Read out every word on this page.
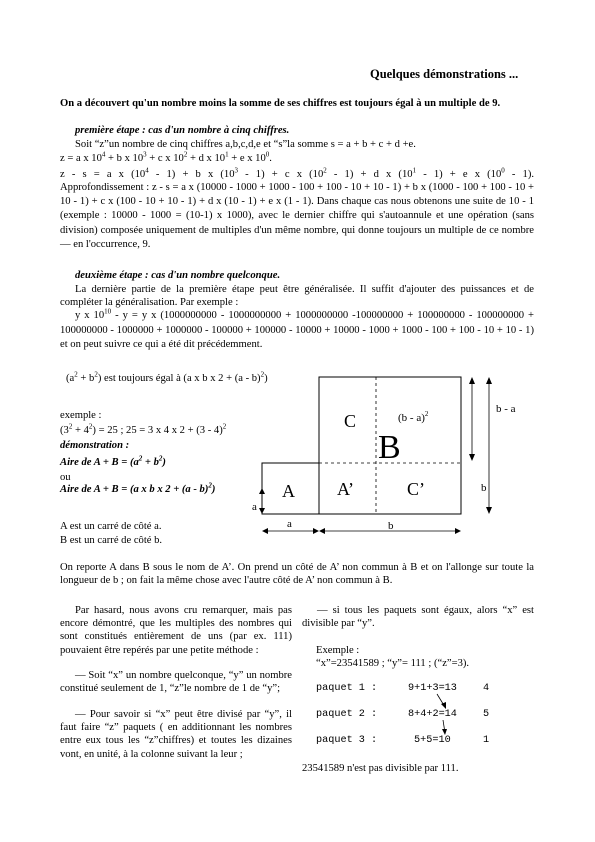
Quelques démonstrations ...
On a découvert qu'un nombre moins la somme de ses chiffres est toujours égal à un multiple de 9.
première étape : cas d'un nombre à cinq chiffres.
Soit “z”un nombre de cinq chiffres a,b,c,d,e et “s”la somme s = a + b + c + d +e.
z = a x $10^4 + b$ x $10^3 + c$ x $10^2 + d$ x $10^1 + e$ x $10^0$.
z - s = a x $(10^4 - 1) + b$ x $(10^3 - 1) + c$ x $(10^2 - 1) + d$ x $(10^1 - 1) + e$ x $(10^0 - 1)$.
Approfondissement : z - s = a x (10000 - 1000 + 1000 - 100 + 100 - 10 + 10 - 1) + b x (1000 - 100 + 100 - 10 + 10 - 1) + c x (100 - 10 + 10 - 1) + d x (10 - 1) + e x (1 - 1). Dans chaque cas nous obtenons une suite de 10 - 1 (exemple : 10000 - 1000 = (10-1) x 1000), avec le dernier chiffre qui s'autoannule et une opération (sans division) composée uniquement de multiples d'un même nombre, qui donne toujours un multiple de ce nombre — en l'occurrence, 9.
deuxième étape : cas d'un nombre quelconque.
La dernière partie de la première étape peut être généralisée. Il suffit d'ajouter des puissances et de compléter la généralisation. Par exemple :
y x $10^{10} - y = y$ x (1000000000 - 1000000000 + 1000000000 -100000000 + 100000000 - 100000000 + 100000000 - 1000000 + 1000000 - 100000 + 100000 - 10000 + 10000 - 1000 + 1000 - 100 + 100 - 10 + 10 - 1) et on peut suivre ce qui a été dit précédemment.
$(a^2 + b^2)$ est toujours égal à (a x b x 2 + (a - b)$^2$)
exemple :
$(3^2 + 4^2) = 25$ ; 25 = 3 x 4 x 2 + (3 - 4)$^2$
démonstration :
Aire de $A + B = (a^2 + b^2)$
ou
Aire de A + B = (a x b x 2 + (a - b)$^2$)
A est un carré de côté a.
B est un carré de côté b.
C	(b - a)$^2$
B
A A’	C’
b - a
b
a
a	b
On reporte A dans B sous le nom de A’. On prend un côté de A’ non commun à B et on l'allonge sur toute la longueur de b ; on fait la même chose avec l'autre côté de A’ non commun à B.
Par hasard, nous avons cru remarquer, mais pas encore démontré, que les multiples des nombres qui sont constitués entièrement de uns (par ex. 111) pouvaient être repérés par une petite méthode :
— Soit “x” un nombre quelconque, “y” un nombre constitué seulement de 1, “z”le nombre de 1 de “y”;
— Pour savoir si “x” peut être divisé par “y”, il faut faire “z” paquets ( en additionnant les nombres entre eux tous les “z”chiffres) et toutes les dizaines vont, en unité, à la colonne suivant la leur ;
— si tous les paquets sont égaux, alors “x” est divisible par “y”.
Exemple :
“x”=23541589 ; “y”= 111 ; (“z”=3).
paquet 1 :	9+1+3=13	4
paquet 2 :	8+4+2=14	5
paquet 3 :	5+5=10	1
23541589 n'est pas divisible par 111.
